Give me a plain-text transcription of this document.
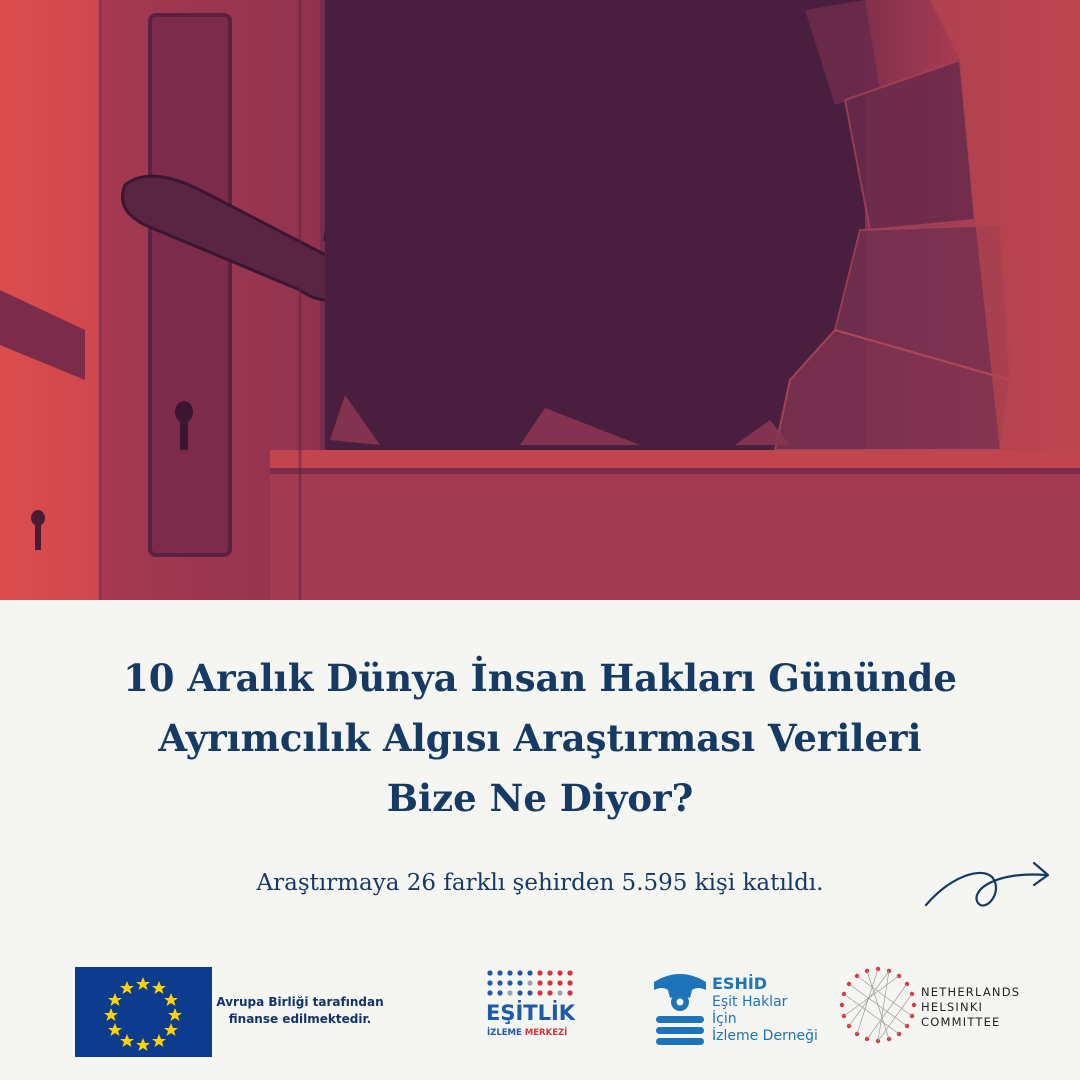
10 Aralık Dünya İnsan Hakları Gününde
Ayrımcılık Algısı Araştırması Verileri
Bize Ne Diyor?

Araştırmaya 26 farklı şehirden 5.595 kişi katıldı.

Avrupa Birliği tarafından
finanse edilmektedir.	EŞİTLİK
İZLEME MERKEZİ
ESHİD
Eşit Haklar
İçin
İzleme Derneği
NETHERLANDS
HELSINKI
COMMITTEE
